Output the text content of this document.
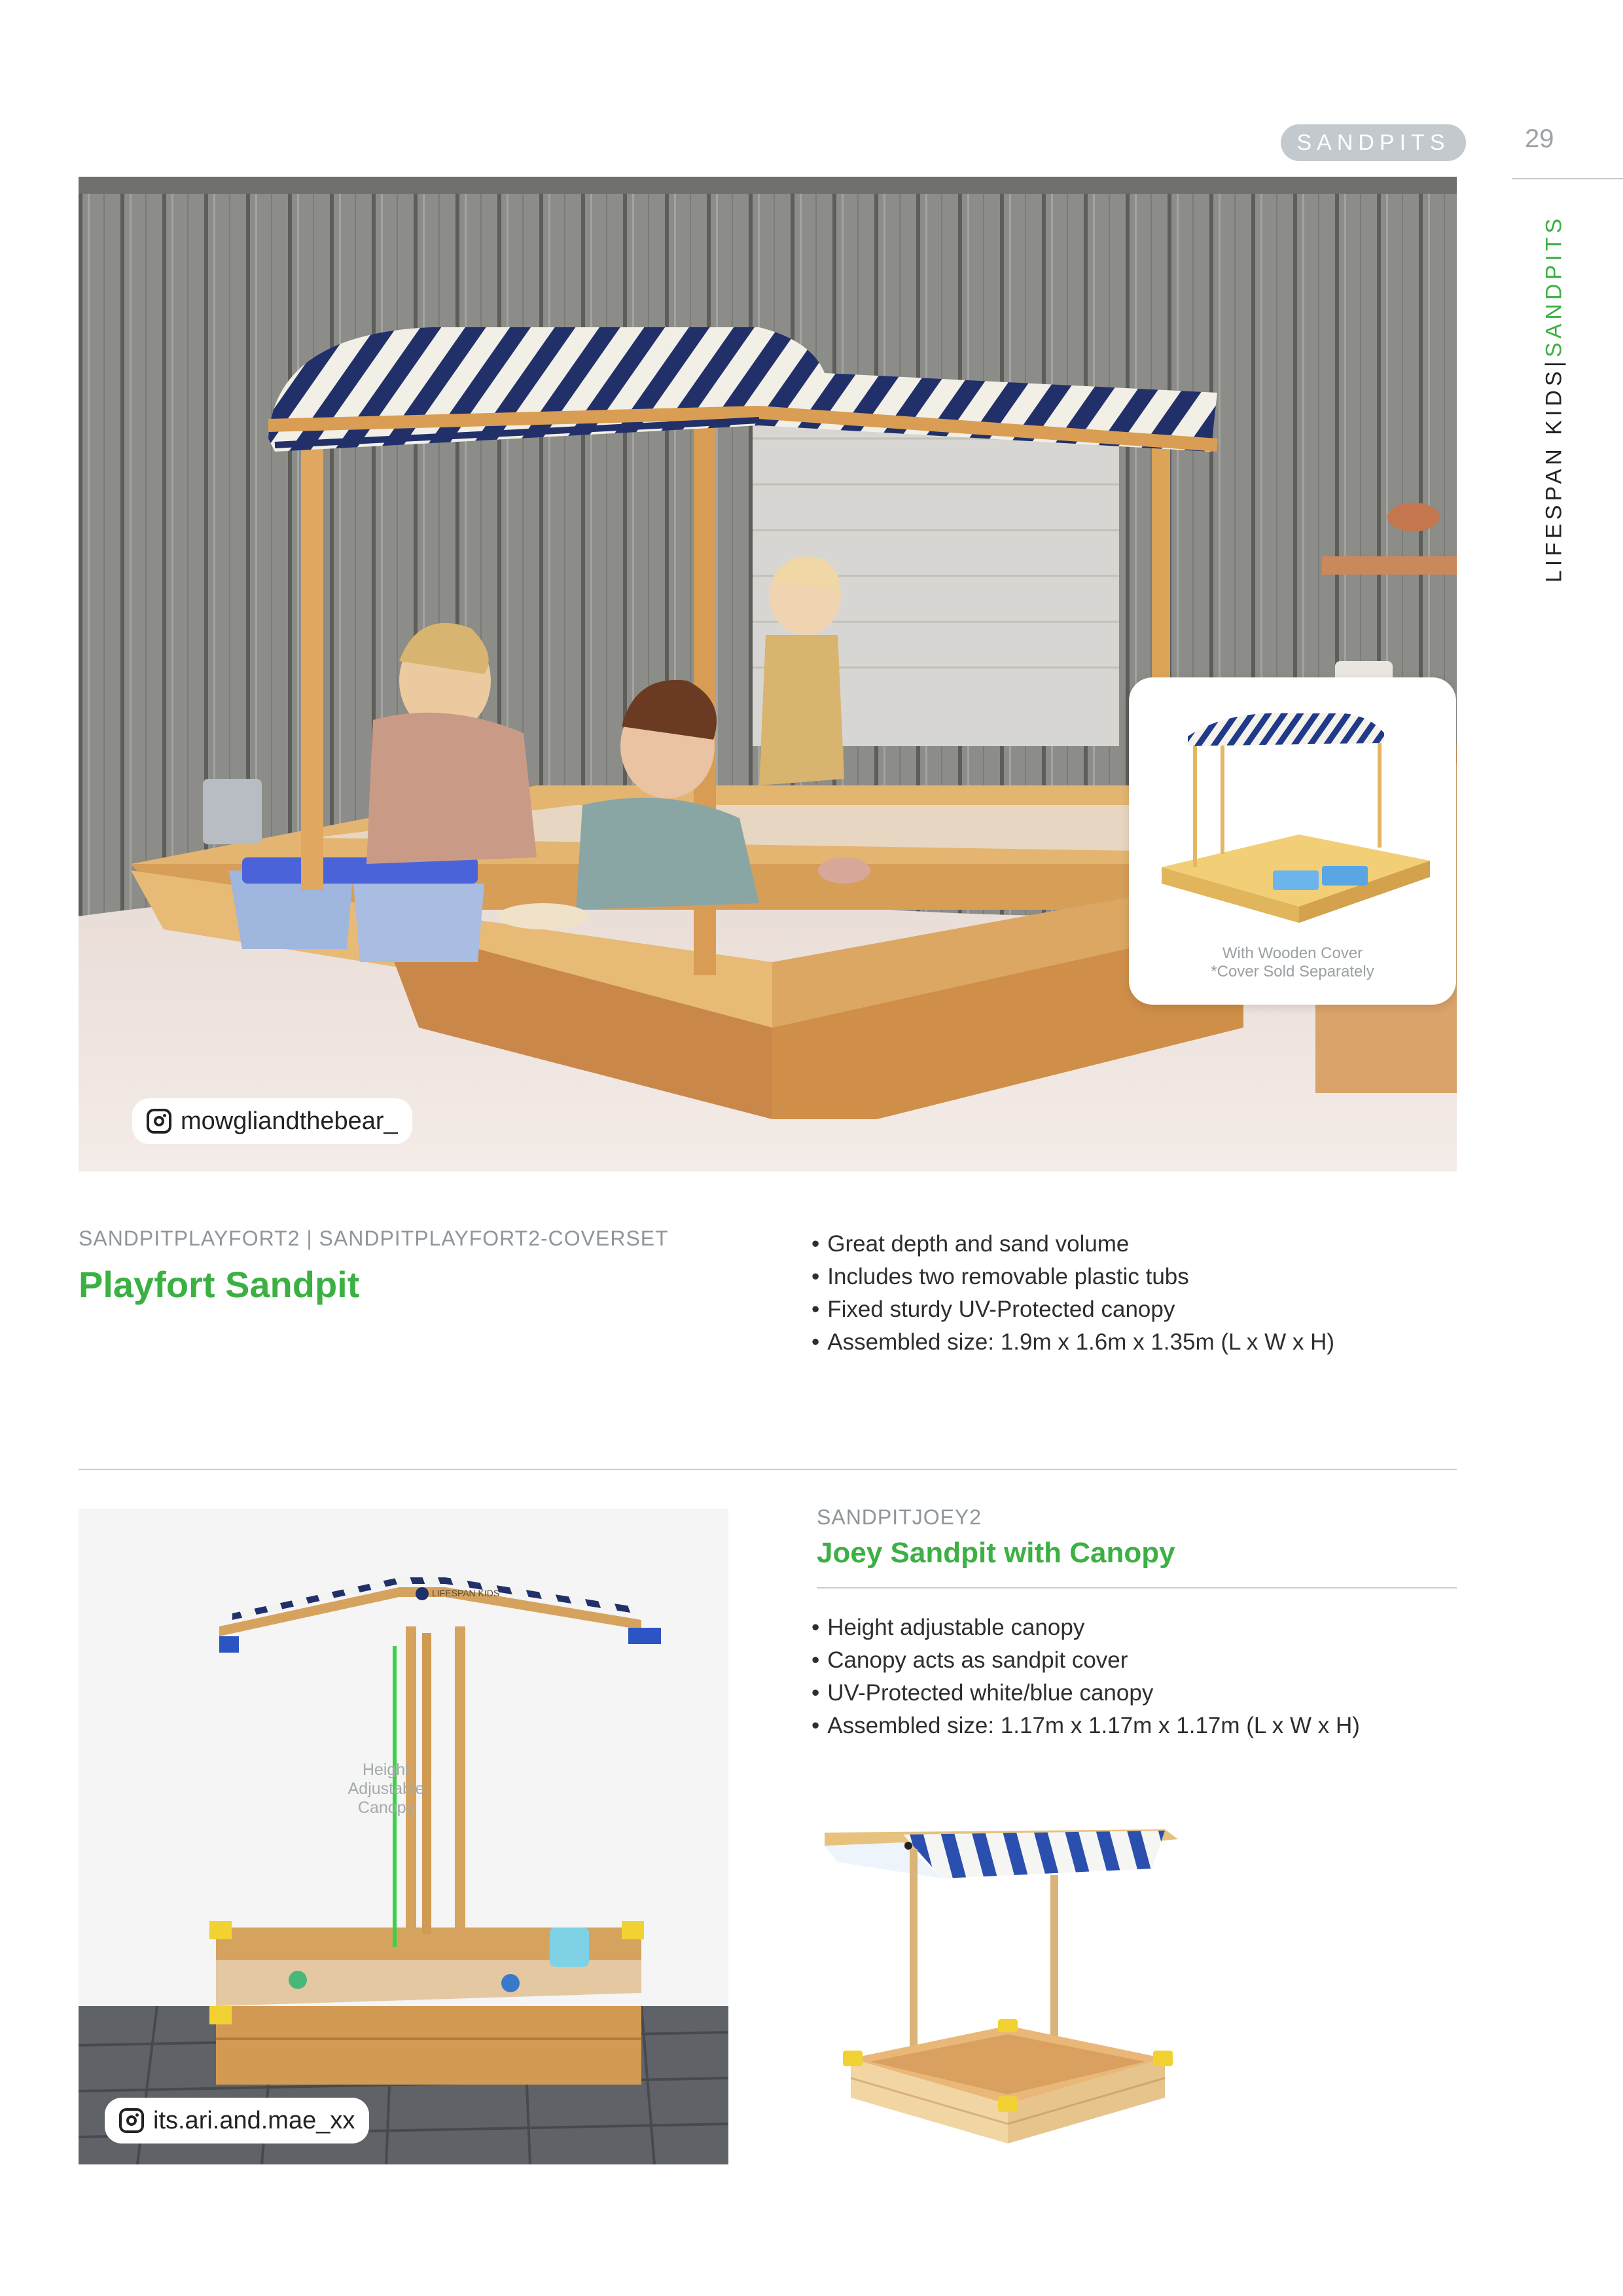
SANDPITS	29
LIFESPAN KIDS
|
SANDPITS
mowgliandthebear_
With Wooden Cover
*Cover Sold Separately
SANDPITPLAYFORT2 | SANDPITPLAYFORT2-COVERSET
Playfort Sandpit
• Great depth and sand volume
• Includes two removable plastic tubs
• Fixed sturdy UV-Protected canopy
• Assembled size: 1.9m x 1.6m x 1.35m (L x W x H)
LIFESPAN KIDS
Height
Adjustable
Canopy
its.ari.and.mae_xx
SANDPITJOEY2
Joey Sandpit with Canopy
• Height adjustable canopy
• Canopy acts as sandpit cover
• UV-Protected white/blue canopy
• Assembled size: 1.17m x 1.17m x 1.17m (L x W x H)
